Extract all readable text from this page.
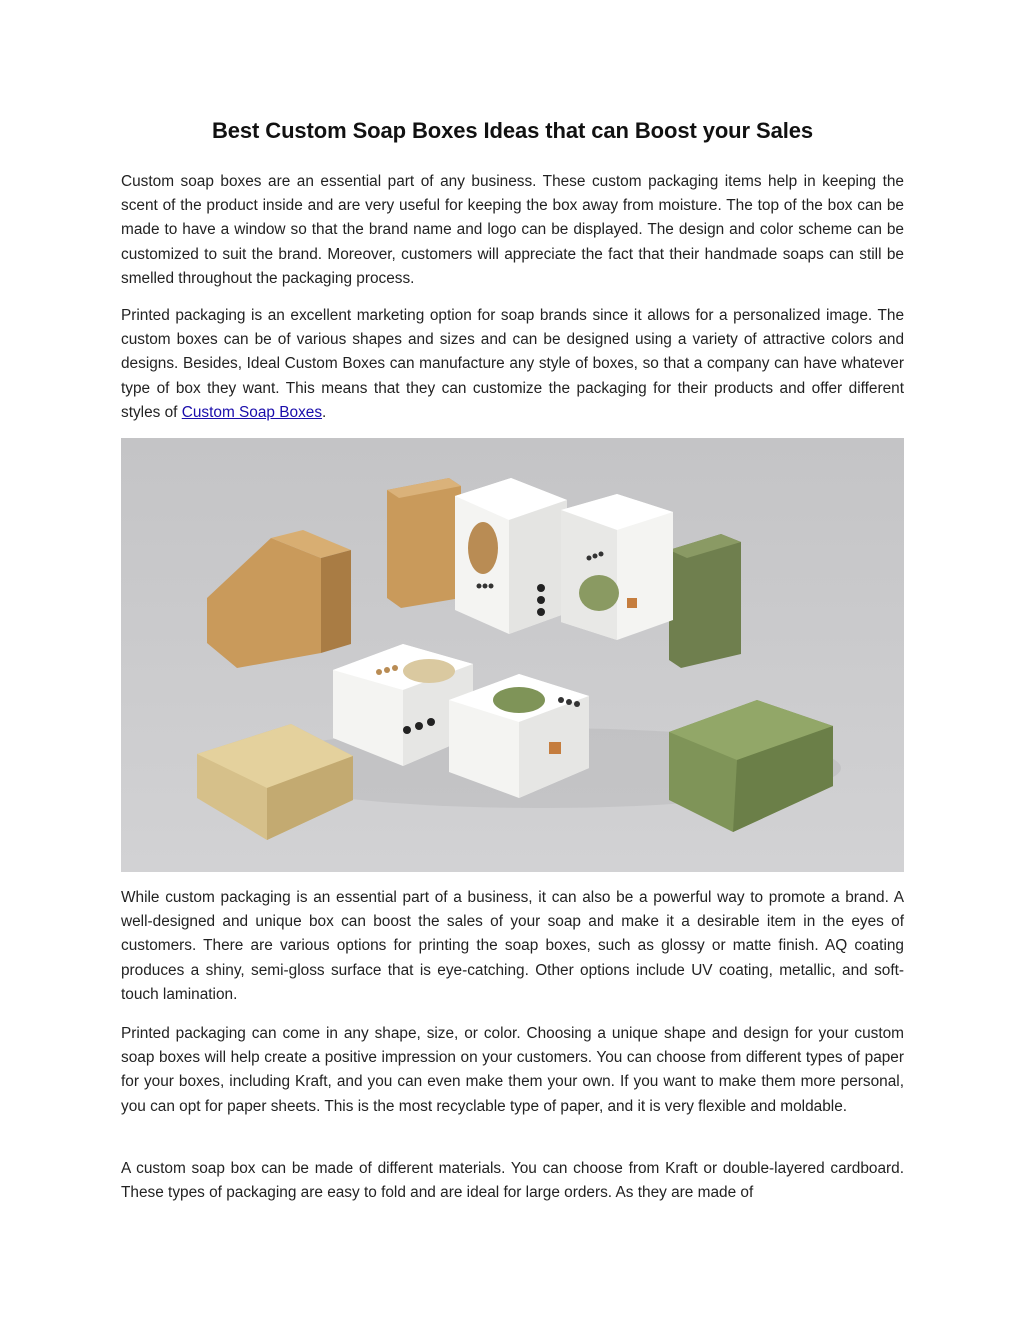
Best Custom Soap Boxes Ideas that can Boost your Sales

Custom soap boxes are an essential part of any business. These custom packaging items help in keeping the scent of the product inside and are very useful for keeping the box away from moisture. The top of the box can be made to have a window so that the brand name and logo can be displayed. The design and color scheme can be customized to suit the brand. Moreover, customers will appreciate the fact that their handmade soaps can still be smelled throughout the packaging process.

Printed packaging is an excellent marketing option for soap brands since it allows for a personalized image. The custom boxes can be of various shapes and sizes and can be designed using a variety of attractive colors and designs. Besides, Ideal Custom Boxes can manufacture any style of boxes, so that a company can have whatever type of box they want. This means that they can customize the packaging for their products and offer different styles of Custom Soap Boxes.

While custom packaging is an essential part of a business, it can also be a powerful way to promote a brand. A well-designed and unique box can boost the sales of your soap and make it a desirable item in the eyes of customers. There are various options for printing the soap boxes, such as glossy or matte finish. AQ coating produces a shiny, semi-gloss surface that is eye-catching. Other options include UV coating, metallic, and soft-touch lamination.

Printed packaging can come in any shape, size, or color. Choosing a unique shape and design for your custom soap boxes will help create a positive impression on your customers. You can choose from different types of paper for your boxes, including Kraft, and you can even make them your own. If you want to make them more personal, you can opt for paper sheets. This is the most recyclable type of paper, and it is very flexible and moldable.

A custom soap box can be made of different materials. You can choose from Kraft or double-layered cardboard. These types of packaging are easy to fold and are ideal for large orders. As they are made of
